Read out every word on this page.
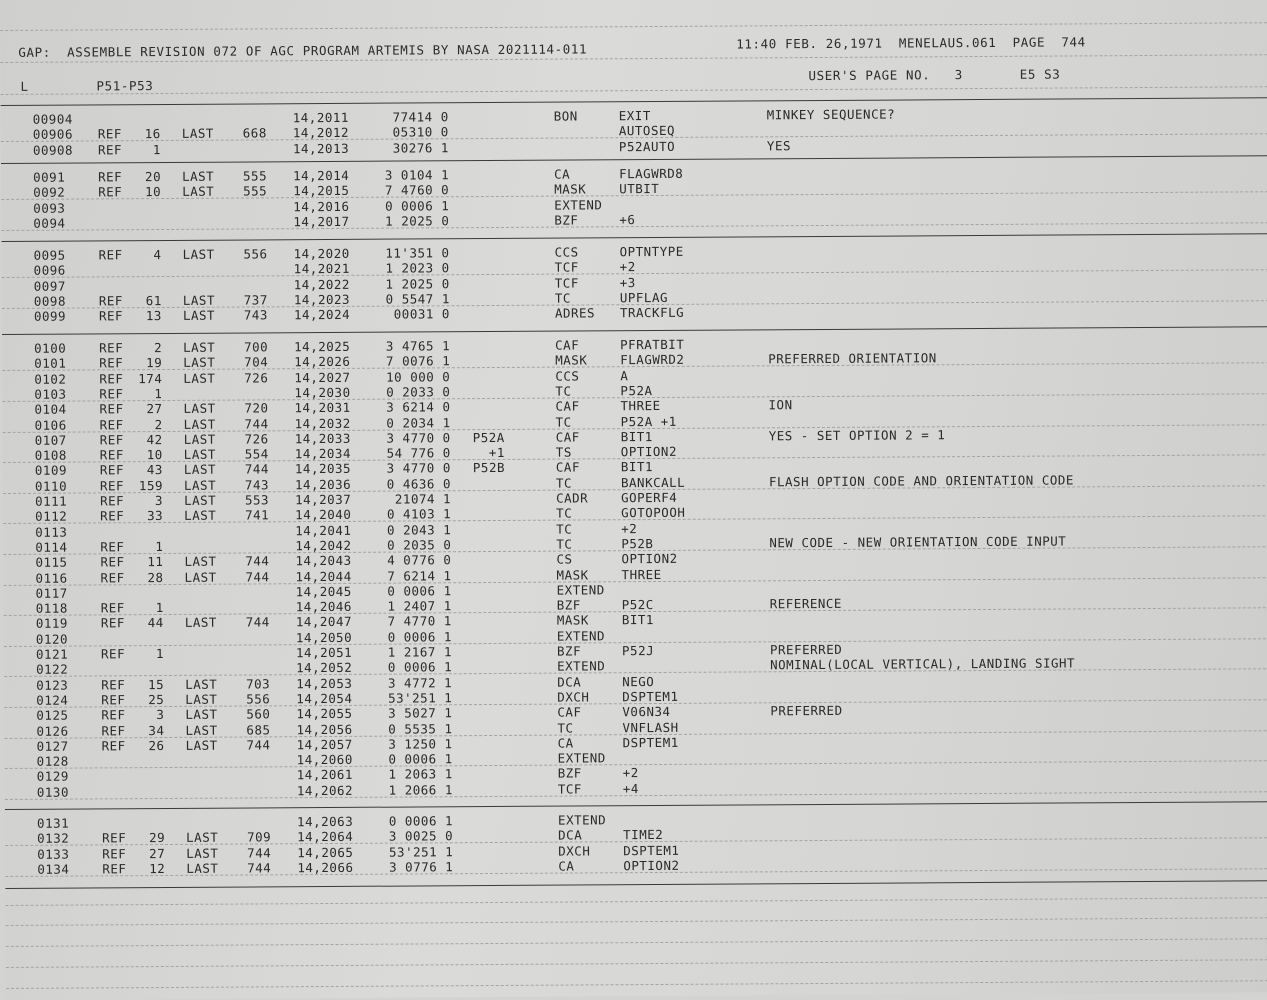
GAP:  ASSEMBLE REVISION 072 OF AGC PROGRAM ARTEMIS BY NASA 2021114-011	11:40 FEB. 26,1971  MENELAUS.061  PAGE  744
L	P51-P53
USER'S PAGE NO.   3       E5 S3
00904	14,2011	77414 0	BON	EXIT	MINKEY SEQUENCE?
00906 REF	16 LAST	668 14,2012	05310 0	AUTOSEQ
00908 REF	1	14,2013	30276 1	P52AUTO	YES
0091	REF	20 LAST	555 14,2014	3 0104 1	CA	FLAGWRD8
0092	REF	10 LAST	555 14,2015	7 4760 0	MASK	UTBIT
0093	14,2016	0 0006 1	EXTEND
0094	14,2017	1 2025 0	BZF	+6
0095	REF	4 LAST	556 14,2020	11'351 0	CCS	OPTNTYPE
0096	14,2021	1 2023 0	TCF	+2
0097	14,2022	1 2025 0	TCF	+3
0098	REF	61 LAST	737 14,2023	0 5547 1	TC	UPFLAG
0099	REF	13 LAST	743 14,2024	00031 0	ADRES TRACKFLG
0100	REF	2 LAST	700 14,2025	3 4765 1	CAF	PFRATBIT
0101	REF	19 LAST	704 14,2026	7 0076 1	MASK	FLAGWRD2	PREFERRED ORIENTATION
0102	REF	174 LAST	726 14,2027	10 000 0	CCS	A
0103	REF	1	14,2030	0 2033 0	TC	P52A
0104	REF	27 LAST	720 14,2031	3 6214 0	CAF	THREE	ION
0106	REF	2 LAST	744 14,2032	0 2034 1	TC	P52A +1
0107	REF	42 LAST	726 14,2033	3 4770 0 P52A	CAF	BIT1	YES - SET OPTION 2 = 1
0108	REF	10 LAST	554 14,2034	54 776 0 +1	TS	OPTION2
0109	REF	43 LAST	744 14,2035	3 4770 0 P52B	CAF	BIT1
0110	REF	159 LAST	743 14,2036	0 4636 0	TC	BANKCALL	FLASH OPTION CODE AND ORIENTATION CODE
0111	REF	3 LAST	553 14,2037	21074 1	CADR	GOPERF4
0112	REF	33 LAST	741 14,2040	0 4103 1	TC	GOTOPOOH
0113	14,2041	0 2043 1	TC	+2
0114	REF	1	14,2042	0 2035 0	TC	P52B	NEW CODE - NEW ORIENTATION CODE INPUT
0115	REF	11 LAST	744 14,2043	4 0776 0	CS	OPTION2
0116	REF	28 LAST	744 14,2044	7 6214 1	MASK	THREE
0117	14,2045	0 0006 1	EXTEND
0118	REF	1	14,2046	1 2407 1	BZF	P52C	REFERENCE
0119	REF	44 LAST	744 14,2047	7 4770 1	MASK	BIT1
0120	14,2050	0 0006 1	EXTEND
0121	REF	1	14,2051	1 2167 1	BZF	P52J	PREFERRED
0122	14,2052	0 0006 1	EXTEND	NOMINAL(LOCAL VERTICAL), LANDING SIGHT
0123	REF	15 LAST	703 14,2053	3 4772 1	DCA	NEGO
0124	REF	25 LAST	556 14,2054	53'251 1	DXCH	DSPTEM1
0125	REF	3 LAST	560 14,2055	3 5027 1	CAF	V06N34	PREFERRED
0126	REF	34 LAST	685 14,2056	0 5535 1	TC	VNFLASH
0127	REF	26 LAST	744 14,2057	3 1250 1	CA	DSPTEM1
0128	14,2060	0 0006 1	EXTEND
0129	14,2061	1 2063 1	BZF	+2
0130	14,2062	1 2066 1	TCF	+4
0131	14,2063	0 0006 1	EXTEND
0132	REF	29 LAST	709 14,2064	3 0025 0	DCA	TIME2
0133	REF	27 LAST	744 14,2065	53'251 1	DXCH	DSPTEM1
0134	REF	12 LAST	744 14,2066	3 0776 1	CA	OPTION2
